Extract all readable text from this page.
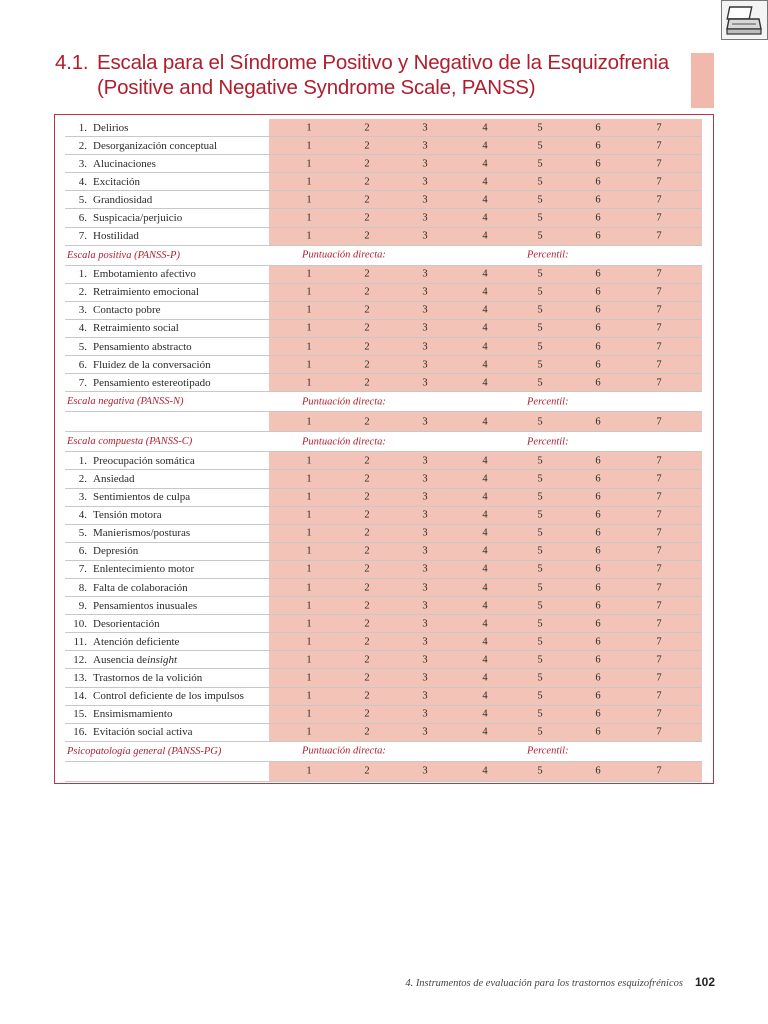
4.1. Escala para el Síndrome Positivo y Negativo de la Esquizofrenia
(Positive and Negative Syndrome Scale, PANSS)
1. Delirios	1	2	3	4	5	6	7
2. Desorganización conceptual	1	2	3	4	5	6	7
3. Alucinaciones	1	2	3	4	5	6	7
4. Excitación	1	2	3	4	5	6	7
5. Grandiosidad	1	2	3	4	5	6	7
6. Suspicacia/perjuicio	1	2	3	4	5	6	7
7. Hostilidad	1	2	3	4	5	6	7
Escala positiva (PANSS-P)	Puntuación directa:	Percentil:
1. Embotamiento afectivo	1	2	3	4	5	6	7
2. Retraimiento emocional	1	2	3	4	5	6	7
3. Contacto pobre	1	2	3	4	5	6	7
4. Retraimiento social	1	2	3	4	5	6	7
5. Pensamiento abstracto	1	2	3	4	5	6	7
6. Fluidez de la conversación	1	2	3	4	5	6	7
7. Pensamiento estereotipado	1	2	3	4	5	6	7
Escala negativa (PANSS-N)	Puntuación directa:	Percentil:
1	2	3	4	5	6	7
Escala compuesta (PANSS-C)	Puntuación directa:	Percentil:
1. Preocupación somática	1	2	3	4	5	6	7
2. Ansiedad	1	2	3	4	5	6	7
3. Sentimientos de culpa	1	2	3	4	5	6	7
4. Tensión motora	1	2	3	4	5	6	7
5. Manierismos/posturas	1	2	3	4	5	6	7
6. Depresión	1	2	3	4	5	6	7
7. Enlentecimiento motor	1	2	3	4	5	6	7
8. Falta de colaboración	1	2	3	4	5	6	7
9. Pensamientos inusuales	1	2	3	4	5	6	7
10. Desorientación	1	2	3	4	5	6	7
11. Atención deficiente	1	2	3	4	5	6	7
12. Ausencia de insight	1	2	3	4	5	6	7
13. Trastornos de la volición	1	2	3	4	5	6	7
14. Control deficiente de los impulsos	1	2	3	4	5	6	7
15. Ensimismamiento	1	2	3	4	5	6	7
16. Evitación social activa	1	2	3	4	5	6	7
Psicopatología general (PANSS-PG)	Puntuación directa:	Percentil:
1	2	3	4	5	6	7
4. Instrumentos de evaluación para los trastornos esquizofrénicos 102
